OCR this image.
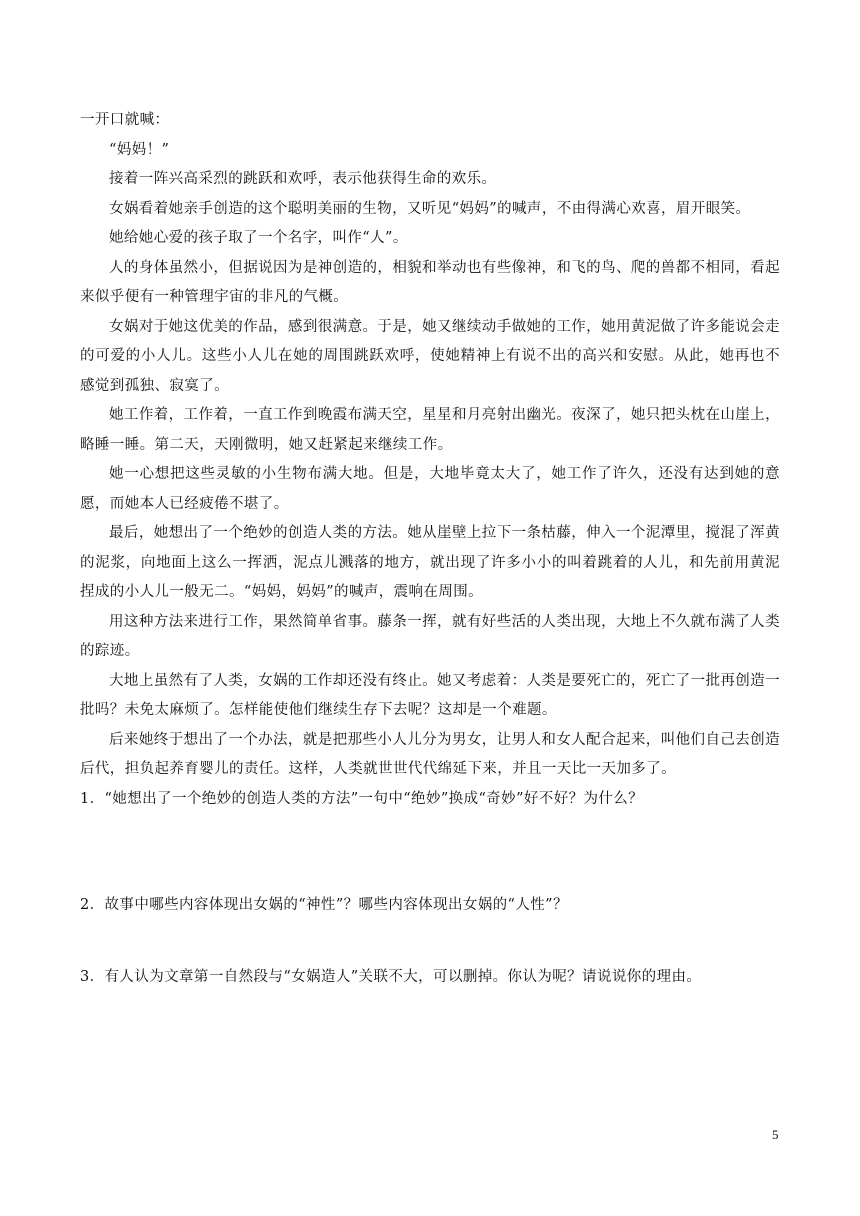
一开口就喊：

“妈妈！”

接着一阵兴高采烈的跳跃和欢呼，表示他获得生命的欢乐。

女娲看着她亲手创造的这个聪明美丽的生物，又听见“妈妈”的喊声，不由得满心欢喜，眉开眼笑。

她给她心爱的孩子取了一个名字，叫作“人”。

人的身体虽然小，但据说因为是神创造的，相貌和举动也有些像神，和飞的鸟、爬的兽都不相同，看起来似乎便有一种管理宇宙的非凡的气概。

女娲对于她这优美的作品，感到很满意。于是，她又继续动手做她的工作，她用黄泥做了许多能说会走的可爱的小人儿。这些小人儿在她的周围跳跃欢呼，使她精神上有说不出的高兴和安慰。从此，她再也不感觉到孤独、寂寞了。

她工作着，工作着，一直工作到晚霞布满天空，星星和月亮射出幽光。夜深了，她只把头枕在山崖上，略睡一睡。第二天，天刚微明，她又赶紧起来继续工作。

她一心想把这些灵敏的小生物布满大地。但是，大地毕竟太大了，她工作了许久，还没有达到她的意愿，而她本人已经疲倦不堪了。

最后，她想出了一个绝妙的创造人类的方法。她从崖壁上拉下一条枯藤，伸入一个泥潭里，搅混了浑黄的泥浆，向地面上这么一挥洒，泥点儿溅落的地方，就出现了许多小小的叫着跳着的人儿，和先前用黄泥捏成的小人儿一般无二。“妈妈，妈妈”的喊声，震响在周围。

用这种方法来进行工作，果然简单省事。藤条一挥，就有好些活的人类出现，大地上不久就布满了人类的踪迹。

大地上虽然有了人类，女娲的工作却还没有终止。她又考虑着：人类是要死亡的，死亡了一批再创造一批吗？未免太麻烦了。怎样能使他们继续生存下去呢？这却是一个难题。

后来她终于想出了一个办法，就是把那些小人儿分为男女，让男人和女人配合起来，叫他们自己去创造后代，担负起养育婴儿的责任。这样，人类就世世代代绵延下来，并且一天比一天加多了。

1．“她想出了一个绝妙的创造人类的方法”一句中“绝妙”换成“奇妙”好不好？为什么？

2．故事中哪些内容体现出女娲的“神性”？哪些内容体现出女娲的“人性”？

3．有人认为文章第一自然段与“女娲造人”关联不大，可以删掉。你认为呢？请说说你的理由。

5
